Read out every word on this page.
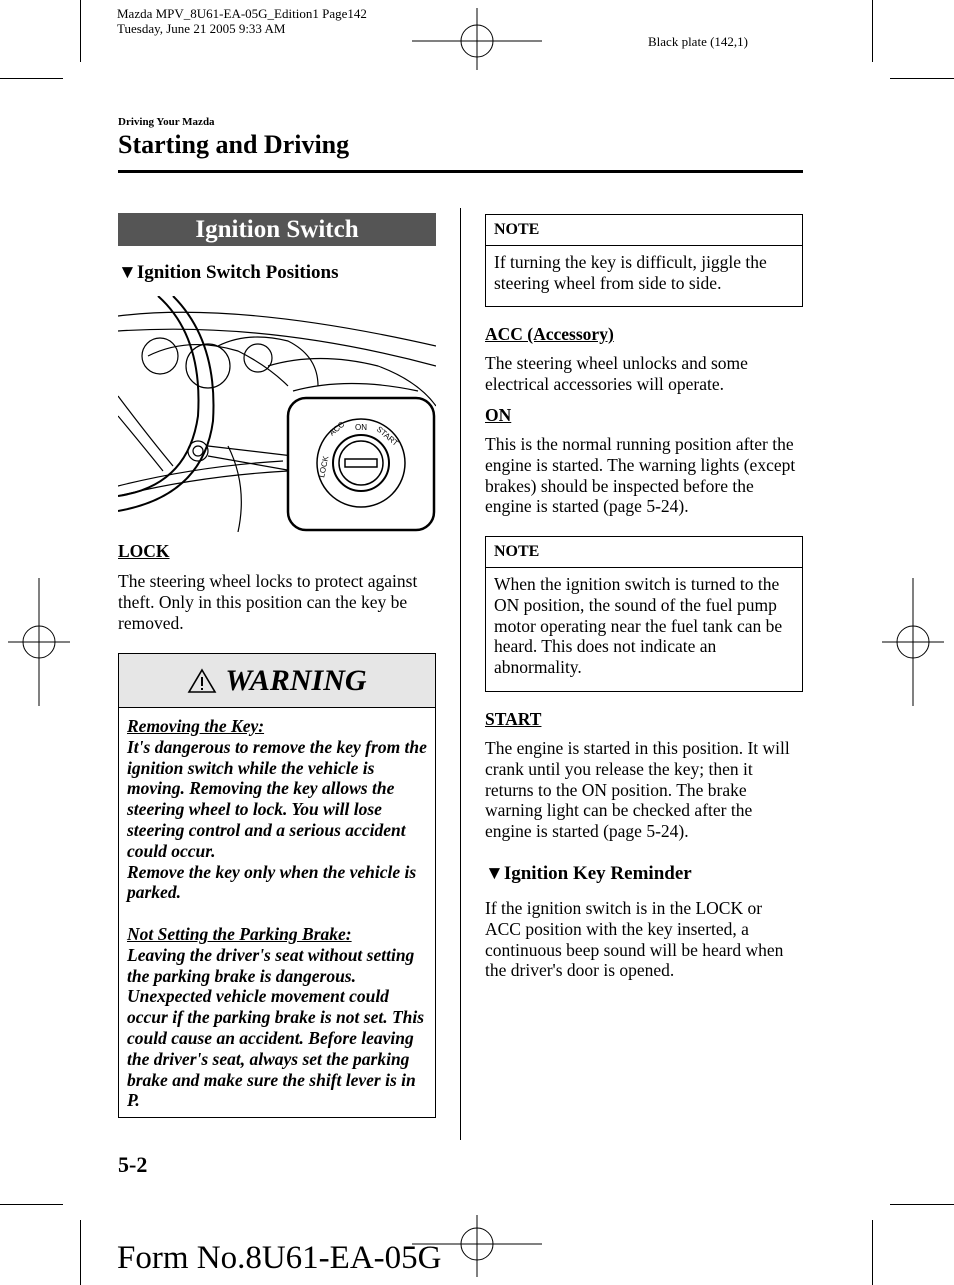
Mazda MPV_8U61-EA-05G_Edition1 Page142
Tuesday, June 21 2005 9:33 AM
Black plate (142,1)
Driving Your Mazda
Starting and Driving
Ignition Switch
▼Ignition Switch Positions
LOCK
ACC ON START
LOCK
The steering wheel locks to protect against theft. Only in this position can the key be removed.
WARNING
Removing the Key:
It's dangerous to remove the key from the ignition switch while the vehicle is moving. Removing the key allows the steering wheel to lock. You will lose steering control and a serious accident could occur.
Remove the key only when the vehicle is parked.
Not Setting the Parking Brake:
Leaving the driver's seat without setting the parking brake is dangerous. Unexpected vehicle movement could occur if the parking brake is not set. This could cause an accident. Before leaving the driver's seat, always set the parking brake and make sure the shift lever is in P.
NOTE
If turning the key is difficult, jiggle the steering wheel from side to side.
ACC (Accessory)
The steering wheel unlocks and some electrical accessories will operate.
ON
This is the normal running position after the engine is started. The warning lights (except brakes) should be inspected before the engine is started (page 5-24).
NOTE
When the ignition switch is turned to the ON position, the sound of the fuel pump motor operating near the fuel tank can be heard. This does not indicate an abnormality.
START
The engine is started in this position. It will crank until you release the key; then it returns to the ON position. The brake warning light can be checked after the engine is started (page 5-24).
▼Ignition Key Reminder
If the ignition switch is in the LOCK or ACC position with the key inserted, a continuous beep sound will be heard when the driver's door is opened.
5-2
Form No.8U61-EA-05G
